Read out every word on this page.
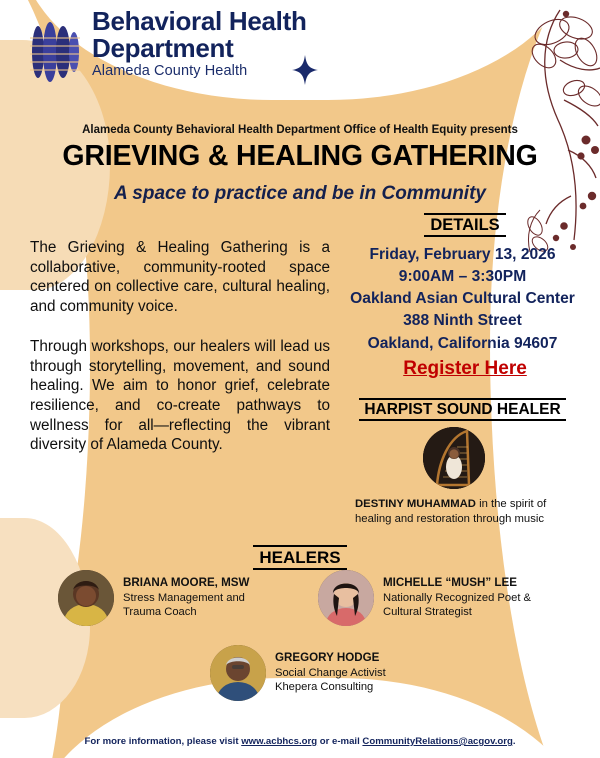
Behavioral Health
Department
Alameda County Health
Alameda County Behavioral Health Department Office of Health Equity presents
GRIEVING & HEALING GATHERING
A space to practice and be in Community

The Grieving & Healing Gathering is a collaborative, community-rooted space centered on collective care, cultural healing, and community voice.

Through workshops, our healers will lead us through storytelling, movement, and sound healing. We aim to honor grief, celebrate resilience, and co-create pathways to wellness for all—reflecting the vibrant diversity of Alameda County.

DETAILS
Friday, February 13, 2026
9:00AM – 3:30PM
Oakland Asian Cultural Center
388 Ninth Street
Oakland, California 94607
Register Here
HARPIST SOUND HEALER
DESTINY MUHAMMAD in the spirit of healing and restoration through music
HEALERS
BRIANA MOORE, MSW
Stress Management and
Trauma Coach
MICHELLE “MUSH” LEE
Nationally Recognized Poet &
Cultural Strategist
GREGORY HODGE
Social Change Activist
Khepera Consulting
For more information, please visit www.acbhcs.org or e-mail CommunityRelations@acgov.org.
